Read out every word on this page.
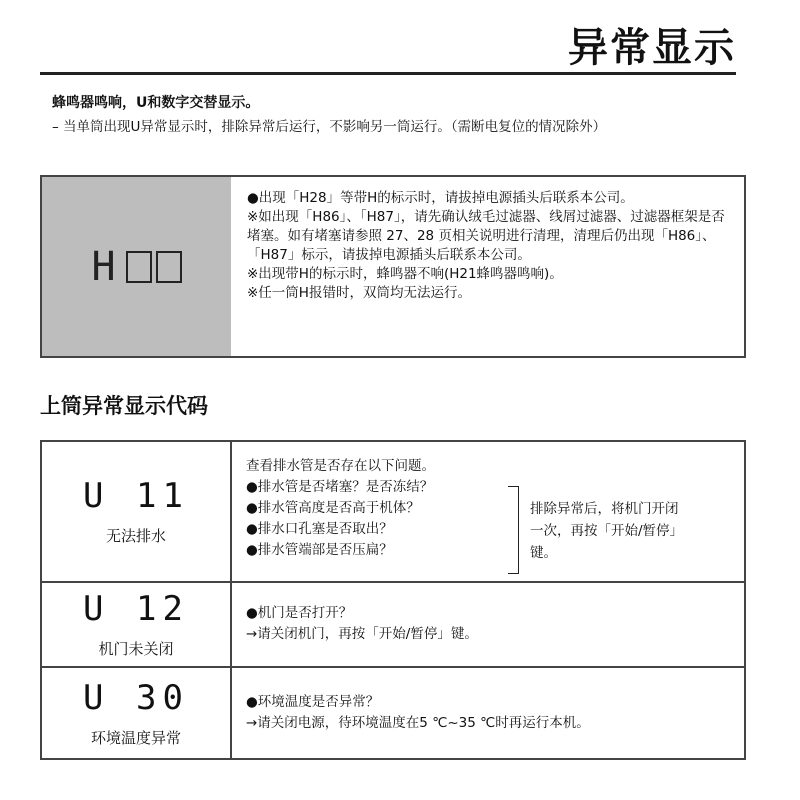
异常显示
蜂鸣器鸣响，U和数字交替显示。
– 当单筒出现U异常显示时，排除异常后运行，不影响另一筒运行。（需断电复位的情况除外）
H

●出现「H28」等带H的标示时，请拔掉电源插头后联系本公司。

※如出现「H86」、「H87」，请先确认绒毛过滤器、线屑过滤器、过滤器框架是否堵塞。如有堵塞请参照 27、28 页相关说明进行清理，清理后仍出现「H86」、「H87」标示，请拔掉电源插头后联系本公司。

※出现带H的标示时，蜂鸣器不响(H21蜂鸣器鸣响)。

※任一筒H报错时，双筒均无法运行。

上筒异常显示代码
U 11
无法排水

查看排水管是否存在以下问题。

●排水管是否堵塞？是否冻结？

●排水管高度是否高于机体？

●排水口孔塞是否取出？

●排水管端部是否压扁？

排除异常后，将机门开闭一次，再按「开始/暂停」键。
U 12
机门未关闭

●机门是否打开？

→请关闭机门，再按「开始/暂停」键。

U 30
环境温度异常

●环境温度是否异常？

→请关闭电源，待环境温度在5 ℃~35 ℃时再运行本机。
